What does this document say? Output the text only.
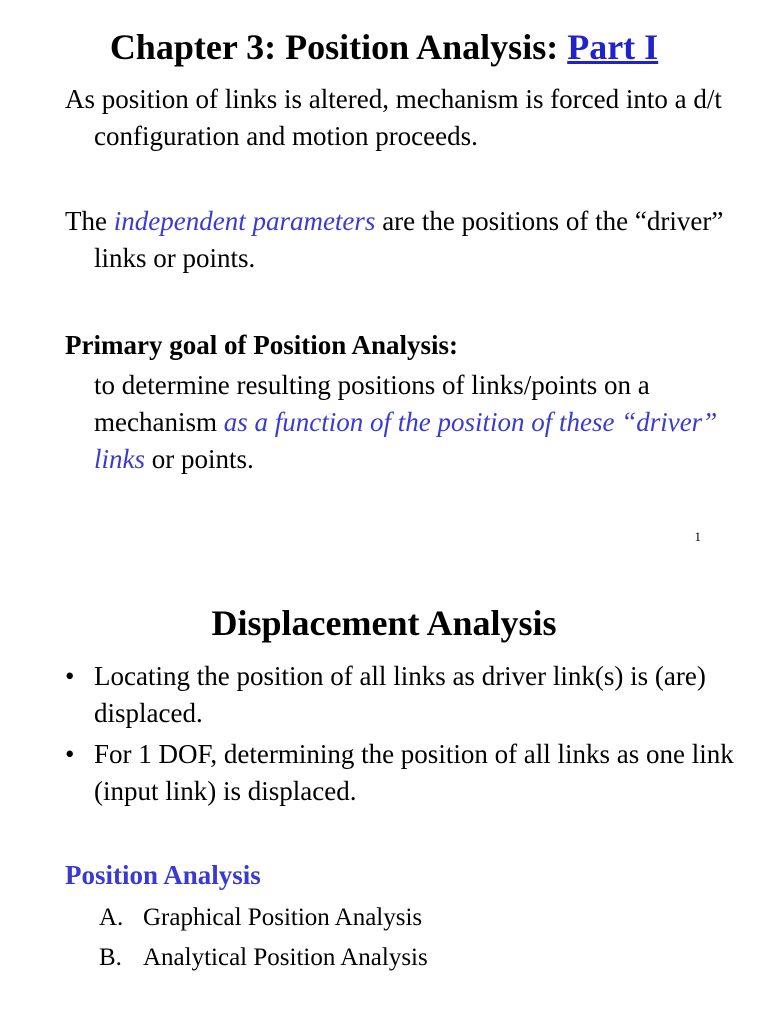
Chapter 3: Position Analysis: Part I

As position of links is altered, mechanism is forced into a d/t configuration and motion proceeds.

The independent parameters are the positions of the “driver” links or points.

Primary goal of Position Analysis:

to determine resulting positions of links/points on a mechanism as a function of the position of these “driver” links or points.

1
Displacement Analysis
• Locating the position of all links as driver link(s) is (are) displaced.
• For 1 DOF, determining the position of all links as one link (input link) is displaced.

Position Analysis

A. Graphical Position Analysis
B. Analytical Position Analysis
